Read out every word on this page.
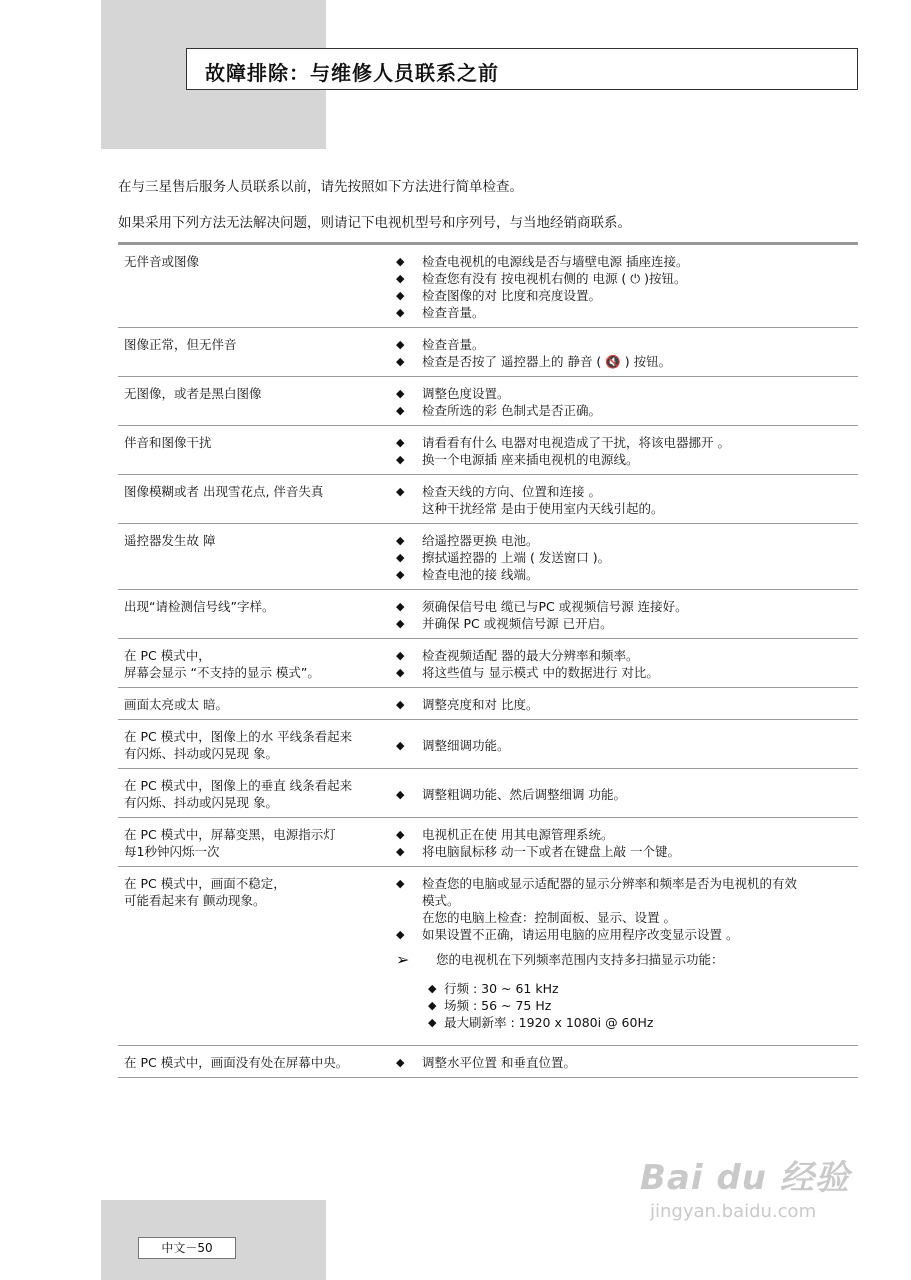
故障排除：与维修人员联系之前
在与三星售后服务人员联系以前，请先按照如下方法进行简单检查。
如果采用下列方法无法解决问题，则请记下电视机型号和序列号，与当地经销商联系。
无伴音或图像	◆	检查电视机的电源线是否与墙壁电源 插座连接。
◆	检查您有没有 按电视机右侧的 电源 ( ⏻ )按钮。
◆	检查图像的对 比度和亮度设置。
◆	检查音量。
图像正常，但无伴音	◆	检查音量。
◆	检查是否按了 遥控器上的 静音 ( 🔇 ) 按钮。
无图像，或者是黑白图像	◆	调整色度设置。
◆	检查所选的彩 色制式是否正确。
伴音和图像干扰	◆	请看看有什么 电器对电视造成了干扰，将该电器挪开 。
◆	换一个电源插 座来插电视机的电源线。
图像模糊或者 出现雪花点, 伴音失真	◆	检查天线的方向、位置和连接 。
这种干扰经常 是由于使用室内天线引起的。
遥控器发生故 障	◆	给遥控器更换 电池。
◆	擦拭遥控器的 上端 ( 发送窗口 )。
◆	检查电池的接 线端。
出现“请检测信号线”字样。	◆	须确保信号电 缆已与PC 或视频信号源 连接好。
◆	并确保 PC 或视频信号源 已开启。
在 PC 模式中，
屏幕会显示 “不支持的显示 模式”。
◆	检查视频适配 器的最大分辨率和频率。
◆	将这些值与 显示模式 中的数据进行 对比。
画面太亮或太 暗。	◆	调整亮度和对 比度。
在 PC 模式中，图像上的水 平线条看起来
有闪烁、抖动或闪晃现 象。
◆	调整细调功能。
在 PC 模式中，图像上的垂直 线条看起来
有闪烁、抖动或闪晃现 象。
◆	调整粗调功能、然后调整细调 功能。
在 PC 模式中，屏幕变黑，电源指示灯
每1秒钟闪烁一次
◆	电视机正在使 用其电源管理系统。
◆	将电脑鼠标移 动一下或者在键盘上敲 一个键。
在 PC 模式中，画面不稳定，
可能看起来有 颤动现象。
◆	检查您的电脑或显示适配器的显示分辨率和频率是否为电视机的有效
模式。
在您的电脑上检查：控制面板、显示、设置 。
◆	如果设置不正确，请运用电脑的应用程序改变显示设置 。
➢	您的电视机在下列频率范围内支持多扫描显示功能：
◆ 行频 : 30 ~ 61 kHz
◆ 场频 : 56 ~ 75 Hz
◆ 最大刷新率 : 1920 x 1080i @ 60Hz
在 PC 模式中，画面没有处在屏幕中央。	◆	调整水平位置 和垂直位置。
中文－50
Bai du 经验
jingyan.baidu.com
